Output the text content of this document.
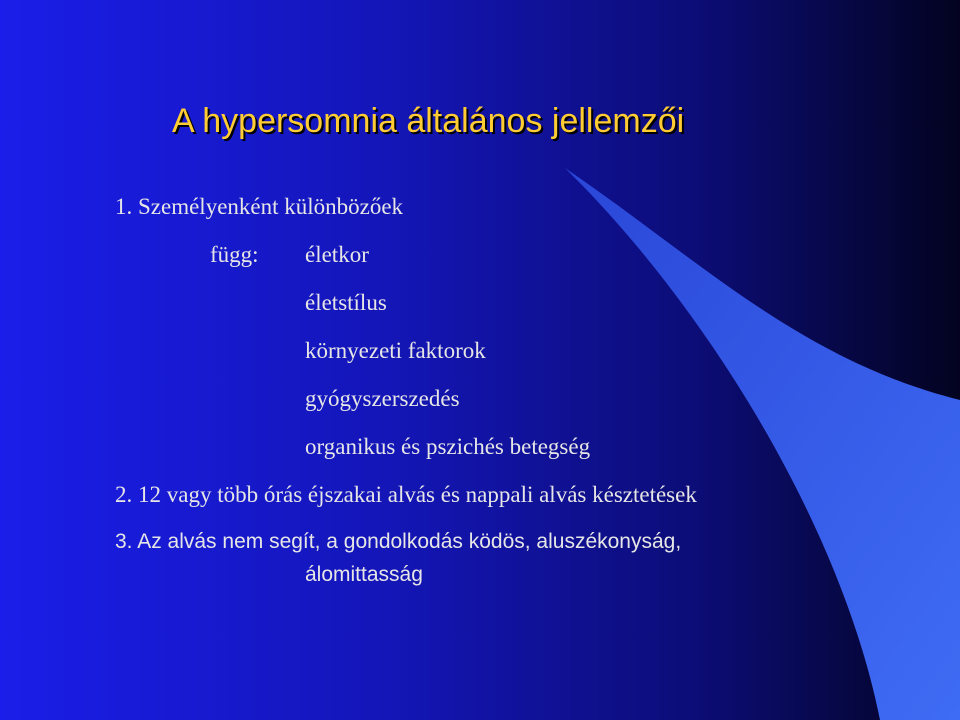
A hypersomnia általános jellemzői
1. Személyenként különbözőek
függ: életkor
életstílus
környezeti faktorok
gyógyszerszedés
organikus és pszichés betegség
2. 12 vagy több órás éjszakai alvás és nappali alvás késztetések
3. Az alvás nem segít, a gondolkodás ködös, aluszékonyság,
álomittasság
